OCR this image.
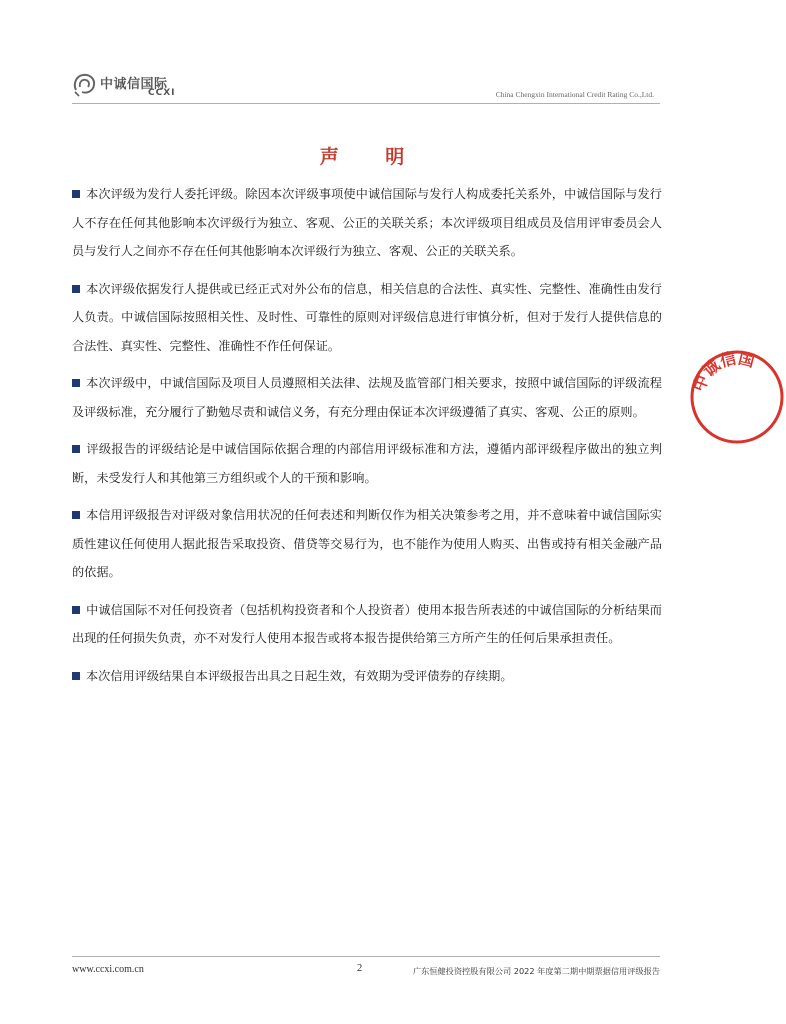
中诚信国际
CCXI	China Chengxin International Credit Rating Co.,Ltd.
声 明

本次评级为发行人委托评级。除因本次评级事项使中诚信国际与发行人构成委托关系外，中诚信国际与发行人不存在任何其他影响本次评级行为独立、客观、公正的关联关系；本次评级项目组成员及信用评审委员会人员与发行人之间亦不存在任何其他影响本次评级行为独立、客观、公正的关联关系。

本次评级依据发行人提供或已经正式对外公布的信息，相关信息的合法性、真实性、完整性、准确性由发行人负责。中诚信国际按照相关性、及时性、可靠性的原则对评级信息进行审慎分析，但对于发行人提供信息的合法性、真实性、完整性、准确性不作任何保证。

本次评级中，中诚信国际及项目人员遵照相关法律、法规及监管部门相关要求，按照中诚信国际的评级流程及评级标准，充分履行了勤勉尽责和诚信义务，有充分理由保证本次评级遵循了真实、客观、公正的原则。

评级报告的评级结论是中诚信国际依据合理的内部信用评级标准和方法，遵循内部评级程序做出的独立判断，未受发行人和其他第三方组织或个人的干预和影响。

本信用评级报告对评级对象信用状况的任何表述和判断仅作为相关决策参考之用，并不意味着中诚信国际实质性建议任何使用人据此报告采取投资、借贷等交易行为，也不能作为使用人购买、出售或持有相关金融产品的依据。

中诚信国际不对任何投资者（包括机构投资者和个人投资者）使用本报告所表述的中诚信国际的分析结果而出现的任何损失负责，亦不对发行人使用本报告或将本报告提供给第三方所产生的任何后果承担责任。

本次信用评级结果自本评级报告出具之日起生效，有效期为受评债券的存续期。

中诚信国
www.ccxi.com.cn	2	广东恒健投资控股有限公司 2022 年度第二期中期票据信用评级报告
